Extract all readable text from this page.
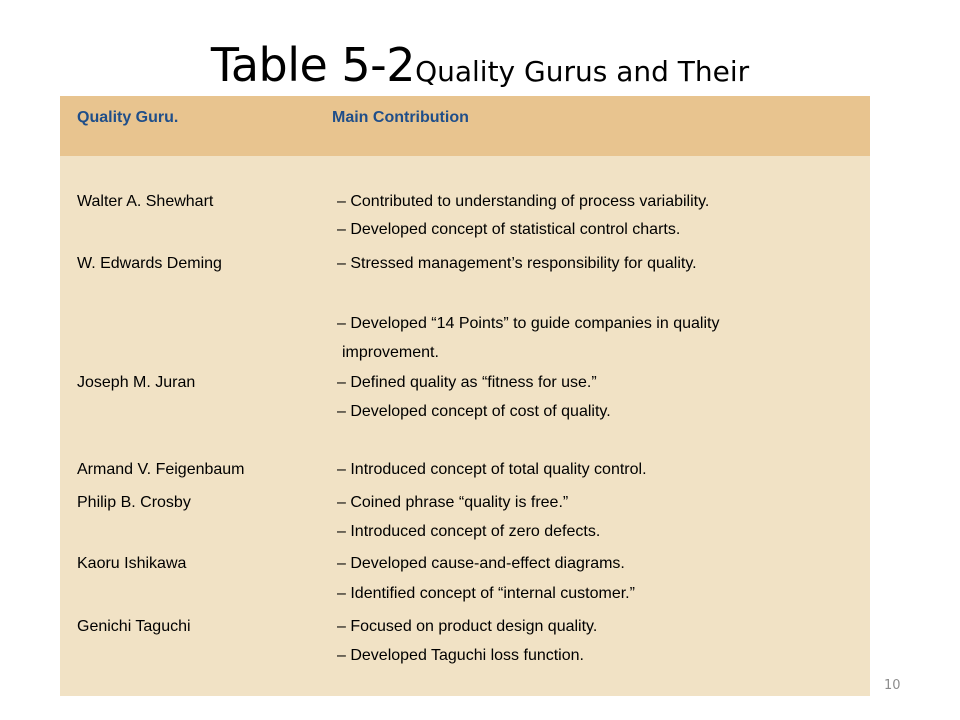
Table 5-2Quality Gurus and Their
Quality Guru.	Main Contribution
Walter A. Shewhart	– Contributed to understanding of process variability.
– Developed concept of statistical control charts.
W. Edwards Deming	– Stressed management’s responsibility for quality.
– Developed “14 Points” to guide companies in quality
improvement.
Joseph M. Juran	– Defined quality as “fitness for use.”
– Developed concept of cost of quality.
Armand V. Feigenbaum	– Introduced concept of total quality control.
Philip B. Crosby	– Coined phrase “quality is free.”
– Introduced concept of zero defects.
Kaoru Ishikawa	– Developed cause-and-effect diagrams.
– Identified concept of “internal customer.”
Genichi Taguchi	– Focused on product design quality.
– Developed Taguchi loss function.
10
